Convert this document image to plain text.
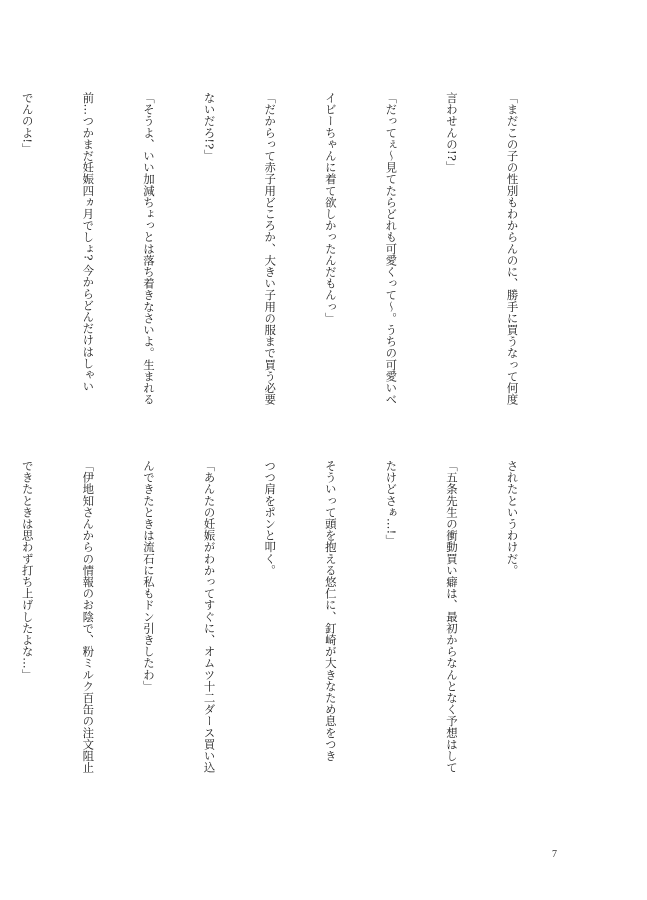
「まだこの子の性別もわからんのに、勝手に買うなって何度

言わせんの!?」

「だってぇ〜見てたらどれも可愛くって〜。うちの可愛いベ

イビーちゃんに着て欲しかったんだもんっ」

「だからって赤子用どころか、大きい子用の服まで買う必要

ないだろ!?」

「そうよ、いい加減ちょっとは落ち着きなさいよ。生まれる

前…つかまだ妊娠四ヵ月でしょ? 今からどんだけはしゃい

でんのよ!」

されたというわけだ。

「五条先生の衝動買い癖は、最初からなんとなく予想はして

たけどさぁ…!」

そういって頭を抱える悠仁に、釘崎が大きなため息をつき

つつ肩をポンと叩く。

「あんたの妊娠がわかってすぐに、オムツ十二ダース買い込

んできたときは流石に私もドン引きしたわ」

「伊地知さんからの情報のお陰で、粉ミルク百缶の注文阻止

できたときは思わず打ち上げしたよな…」

7
